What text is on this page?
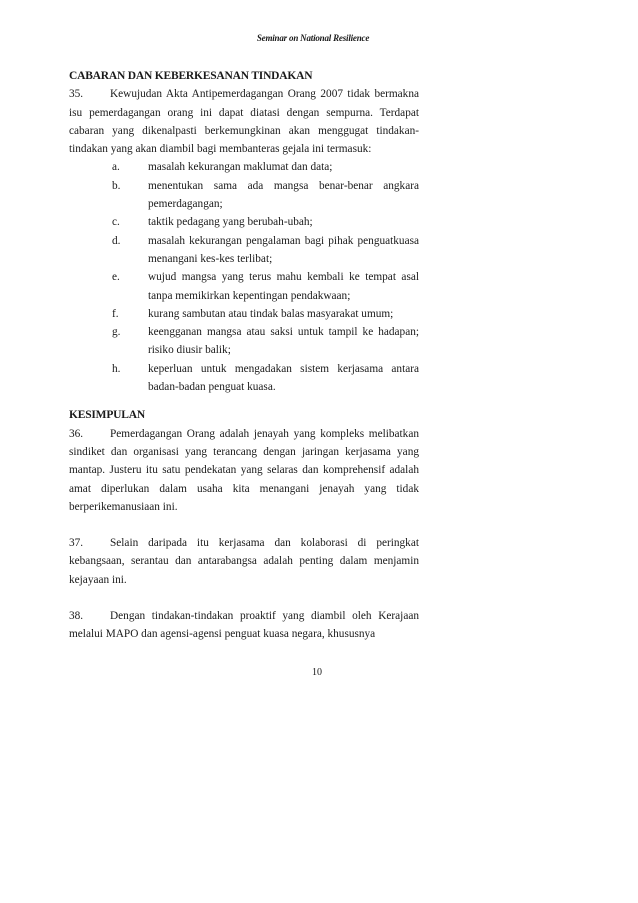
Seminar on National Resilience
CABARAN DAN KEBERKESANAN TINDAKAN

35. Kewujudan Akta Antipemerdagangan Orang 2007 tidak bermakna isu pemerdagangan orang ini dapat diatasi dengan sempurna. Terdapat cabaran yang dikenalpasti berkemungkinan akan menggugat tindakan-tindakan yang akan diambil bagi membanteras gejala ini termasuk:

a.	masalah kekurangan maklumat dan data;
b.	menentukan sama ada mangsa benar-benar angkara pemerdagangan;
c.	taktik pedagang yang berubah-ubah;
d.	masalah kekurangan pengalaman bagi pihak penguatkuasa menangani kes-kes terlibat;
e.	wujud mangsa yang terus mahu kembali ke tempat asal tanpa memikirkan kepentingan pendakwaan;
f.	kurang sambutan atau tindak balas masyarakat umum;
g.	keengganan mangsa atau saksi untuk tampil ke hadapan; risiko diusir balik;
h.	keperluan untuk mengadakan sistem kerjasama antara badan-badan penguat kuasa.
KESIMPULAN

36. Pemerdagangan Orang adalah jenayah yang kompleks melibatkan sindiket dan organisasi yang terancang dengan jaringan kerjasama yang mantap. Justeru itu satu pendekatan yang selaras dan komprehensif adalah amat diperlukan dalam usaha kita menangani jenayah yang tidak berperikemanusiaan ini.

37. Selain daripada itu kerjasama dan kolaborasi di peringkat kebangsaan, serantau dan antarabangsa adalah penting dalam menjamin kejayaan ini.

38. Dengan tindakan-tindakan proaktif yang diambil oleh Kerajaan melalui MAPO dan agensi-agensi penguat kuasa negara, khususnya

10
